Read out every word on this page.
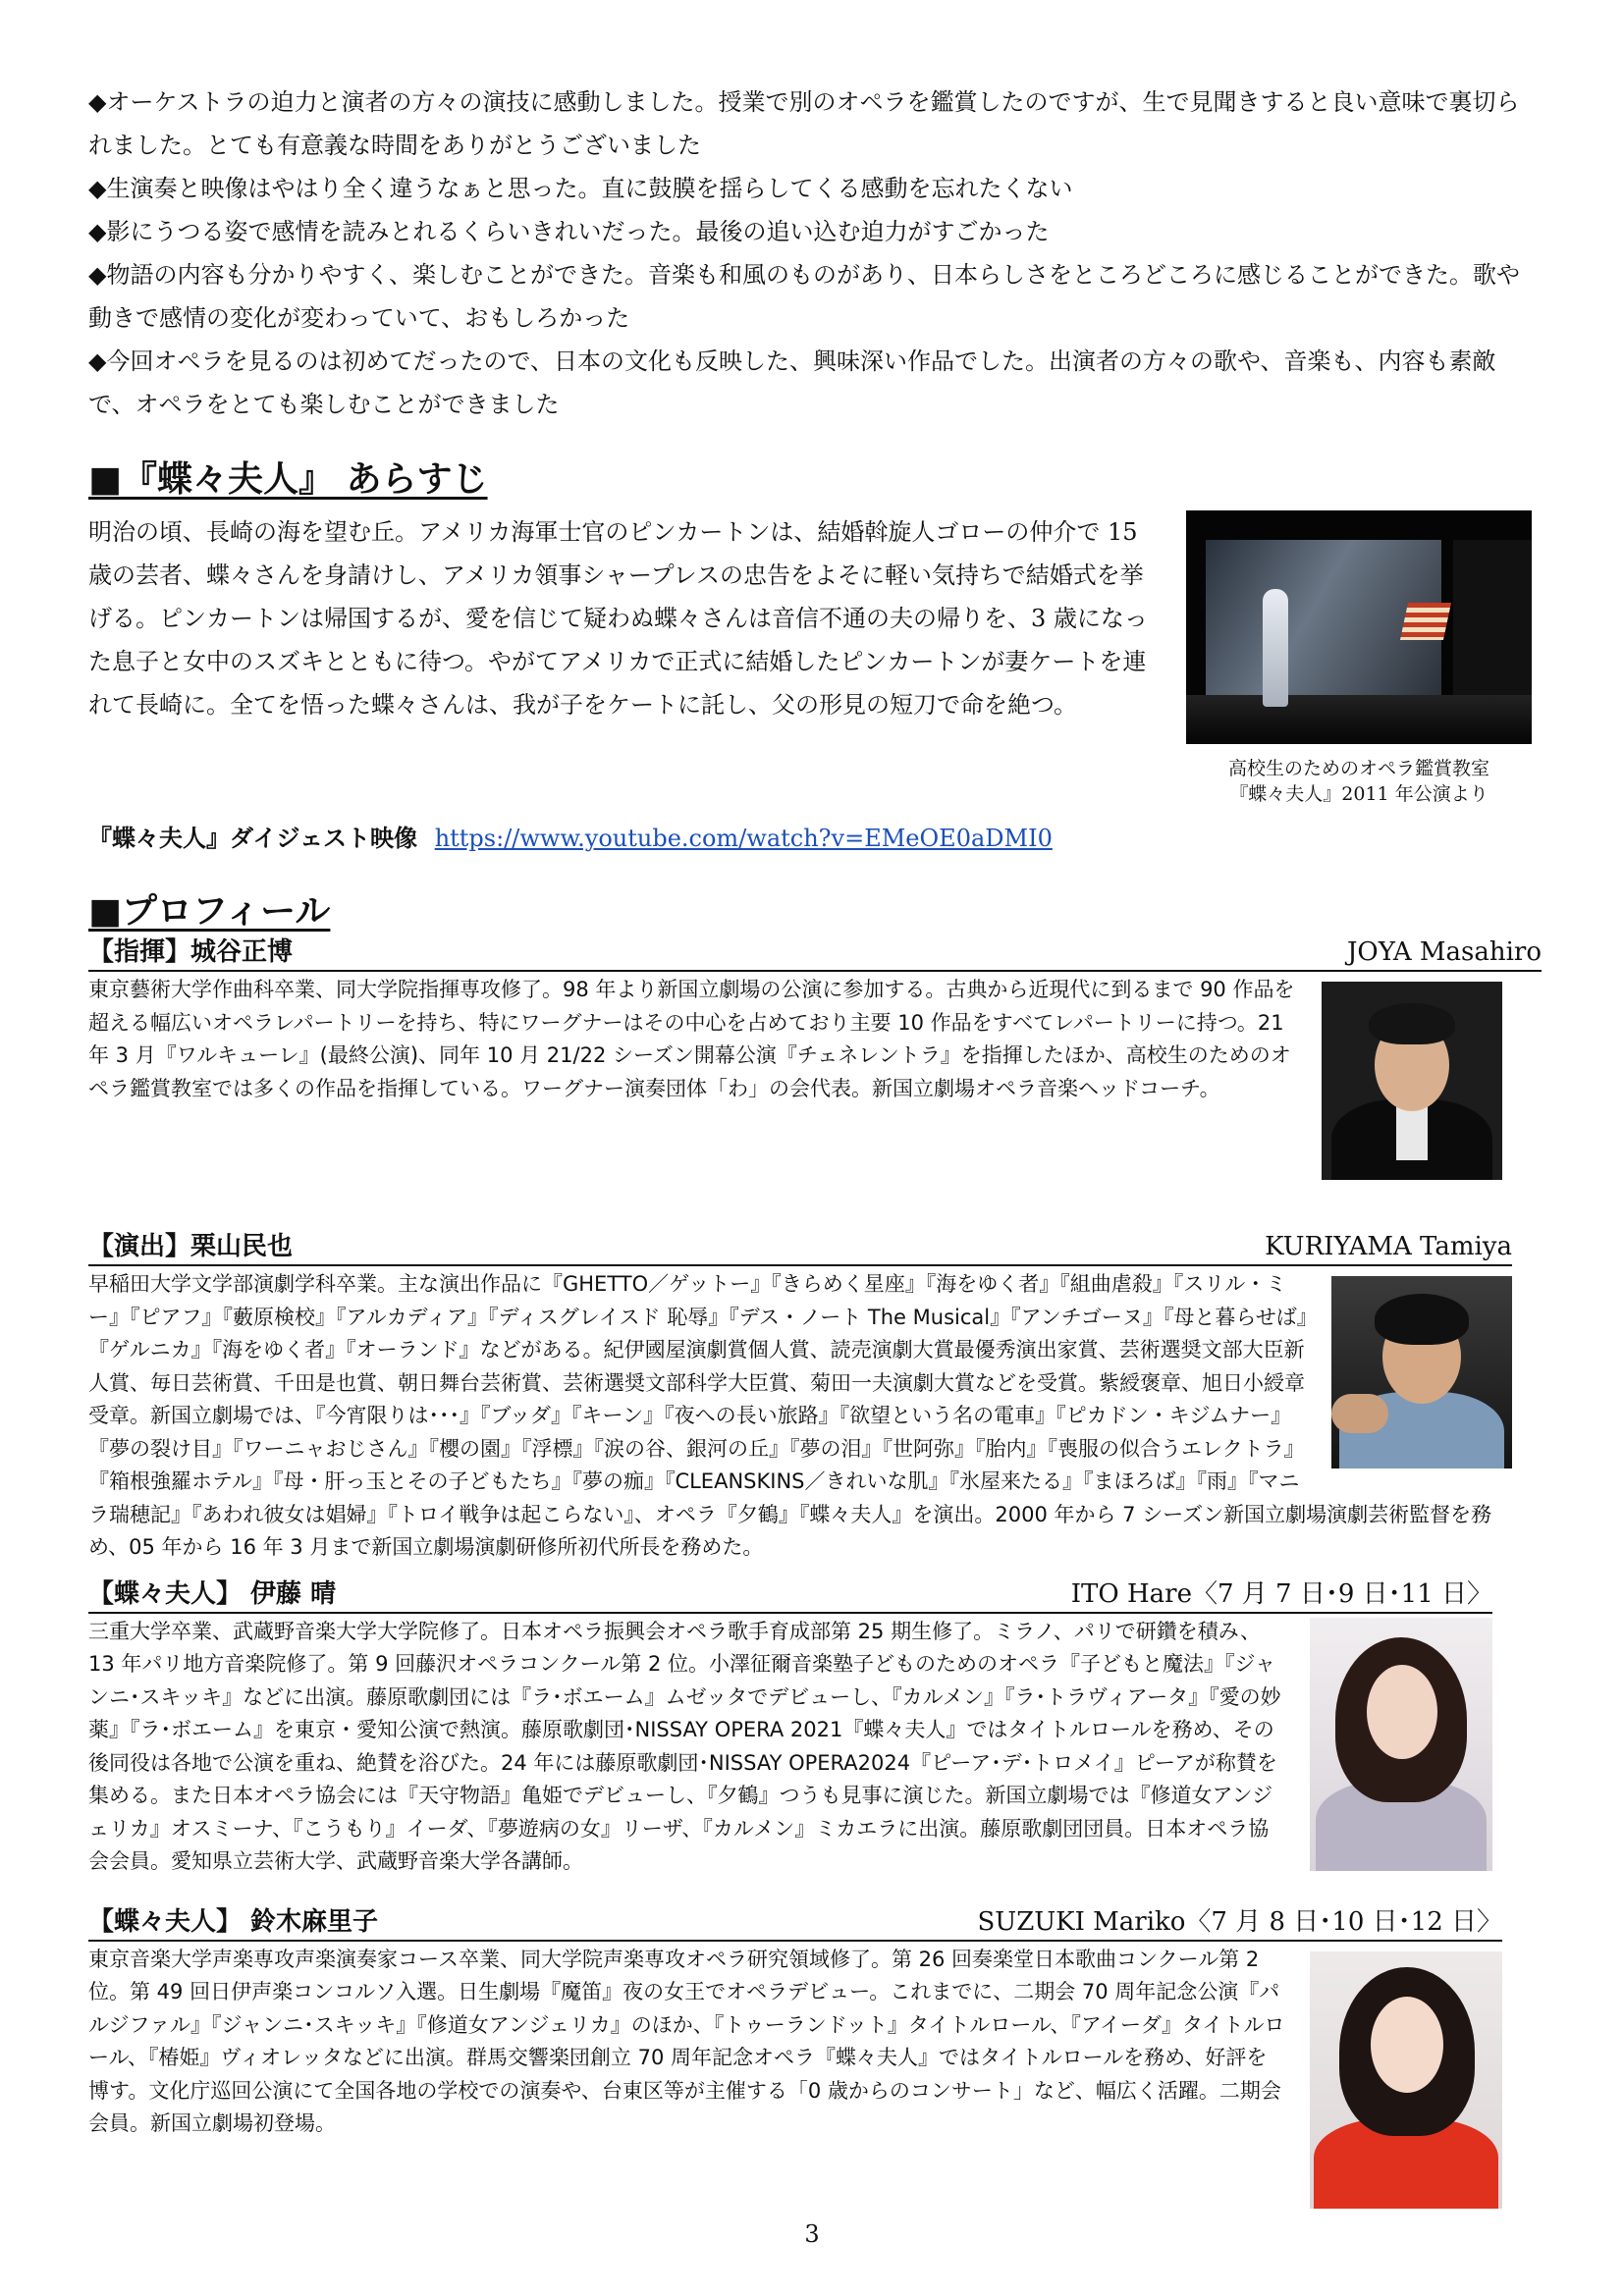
◆オーケストラの迫力と演者の方々の演技に感動しました。授業で別のオペラを鑑賞したのですが、生で見聞きすると良い意味で裏切られました。とても有意義な時間をありがとうございました
◆生演奏と映像はやはり全く違うなぁと思った。直に鼓膜を揺らしてくる感動を忘れたくない
◆影にうつる姿で感情を読みとれるくらいきれいだった。最後の追い込む迫力がすごかった
◆物語の内容も分かりやすく、楽しむことができた。音楽も和風のものがあり、日本らしさをところどころに感じることができた。歌や動きで感情の変化が変わっていて、おもしろかった
◆今回オペラを見るのは初めてだったので、日本の文化も反映した、興味深い作品でした。出演者の方々の歌や、音楽も、内容も素敵で、オペラをとても楽しむことができました
■『蝶々夫人』 あらすじ
明治の頃、長崎の海を望む丘。アメリカ海軍士官のピンカートンは、結婚斡旋人ゴローの仲介で 15 歳の芸者、蝶々さんを身請けし、アメリカ領事シャープレスの忠告をよそに軽い気持ちで結婚式を挙げる。ピンカートンは帰国するが、愛を信じて疑わぬ蝶々さんは音信不通の夫の帰りを、3 歳になった息子と女中のスズキとともに待つ。やがてアメリカで正式に結婚したピンカートンが妻ケートを連れて長崎に。全てを悟った蝶々さんは、我が子をケートに託し、父の形見の短刀で命を絶つ。
高校生のためのオペラ鑑賞教室
『蝶々夫人』2011 年公演より
『蝶々夫人』ダイジェスト映像 https://www.youtube.com/watch?v=EMeOE0aDMI0
■プロフィール
【指揮】城谷正博	JOYA Masahiro
東京藝術大学作曲科卒業、同大学院指揮専攻修了。98 年より新国立劇場の公演に参加する。古典から近現代に到るまで 90 作品を超える幅広いオペラレパートリーを持ち、特にワーグナーはその中心を占めており主要 10 作品をすべてレパートリーに持つ。21 年 3 月『ワルキューレ』(最終公演)、同年 10 月 21/22 シーズン開幕公演『チェネレントラ』を指揮したほか、高校生のためのオペラ鑑賞教室では多くの作品を指揮している。ワーグナー演奏団体「わ」の会代表。新国立劇場オペラ音楽ヘッドコーチ。
【演出】栗山民也	KURIYAMA Tamiya
早稲田大学文学部演劇学科卒業。主な演出作品に『GHETTO／ゲットー』『きらめく星座』『海をゆく者』『組曲虐殺』『スリル・ミー』『ピアフ』『藪原検校』『アルカディア』『ディスグレイスド 恥辱』『デス・ノート The Musical』『アンチゴーヌ』『母と暮らせば』『ゲルニカ』『海をゆく者』『オーランド』などがある。紀伊國屋演劇賞個人賞、読売演劇大賞最優秀演出家賞、芸術選奨文部大臣新人賞、毎日芸術賞、千田是也賞、朝日舞台芸術賞、芸術選奨文部科学大臣賞、菊田一夫演劇大賞などを受賞。紫綬褒章、旭日小綬章受章。新国立劇場では、『今宵限りは･･･』『ブッダ』『キーン』『夜への長い旅路』『欲望という名の電車』『ピカドン・キジムナー』『夢の裂け目』『ワーニャおじさん』『櫻の園』『浮標』『涙の谷、銀河の丘』『夢の泪』『世阿弥』『胎内』『喪服の似合うエレクトラ』『箱根強羅ホテル』『母・肝っ玉とその子どもたち』『夢の痂』『CLEANSKINS／きれいな肌』『氷屋来たる』『まほろば』『雨』『マニラ瑞穂記』『あわれ彼女は娼婦』『トロイ戦争は起こらない』、オペラ『夕鶴』『蝶々夫人』を演出。2000 年から 7 シーズン新国立劇場演劇芸術監督を務め、05 年から 16 年 3 月まで新国立劇場演劇研修所初代所長を務めた。
【蝶々夫人】 伊藤 晴	ITO Hare〈7 月 7 日･9 日･11 日〉
三重大学卒業、武蔵野音楽大学大学院修了。日本オペラ振興会オペラ歌手育成部第 25 期生修了。ミラノ、パリで研鑽を積み、13 年パリ地方音楽院修了。第 9 回藤沢オペラコンクール第 2 位。小澤征爾音楽塾子どものためのオペラ『子どもと魔法』『ジャンニ･スキッキ』などに出演。藤原歌劇団には『ラ･ボエーム』ムゼッタでデビューし、『カルメン』『ラ･トラヴィアータ』『愛の妙薬』『ラ･ボエーム』を東京・愛知公演で熱演。藤原歌劇団･NISSAY OPERA 2021『蝶々夫人』ではタイトルロールを務め、その後同役は各地で公演を重ね、絶賛を浴びた。24 年には藤原歌劇団･NISSAY OPERA2024『ピーア･デ･トロメイ』ピーアが称賛を集める。また日本オペラ協会には『天守物語』亀姫でデビューし、『夕鶴』つうも見事に演じた。新国立劇場では『修道女アンジェリカ』オスミーナ、『こうもり』イーダ、『夢遊病の女』リーザ、『カルメン』ミカエラに出演。藤原歌劇団団員。日本オペラ協会会員。愛知県立芸術大学、武蔵野音楽大学各講師。
【蝶々夫人】 鈴木麻里子	SUZUKI Mariko〈7 月 8 日･10 日･12 日〉
東京音楽大学声楽専攻声楽演奏家コース卒業、同大学院声楽専攻オペラ研究領域修了。第 26 回奏楽堂日本歌曲コンクール第 2 位。第 49 回日伊声楽コンコルソ入選。日生劇場『魔笛』夜の女王でオペラデビュー。これまでに、二期会 70 周年記念公演『パルジファル』『ジャンニ･スキッキ』『修道女アンジェリカ』のほか、『トゥーランドット』タイトルロール、『アイーダ』タイトルロール、『椿姫』ヴィオレッタなどに出演。群馬交響楽団創立 70 周年記念オペラ『蝶々夫人』ではタイトルロールを務め、好評を博す。文化庁巡回公演にて全国各地の学校での演奏や、台東区等が主催する「0 歳からのコンサート」など、幅広く活躍。二期会会員。新国立劇場初登場。
3
